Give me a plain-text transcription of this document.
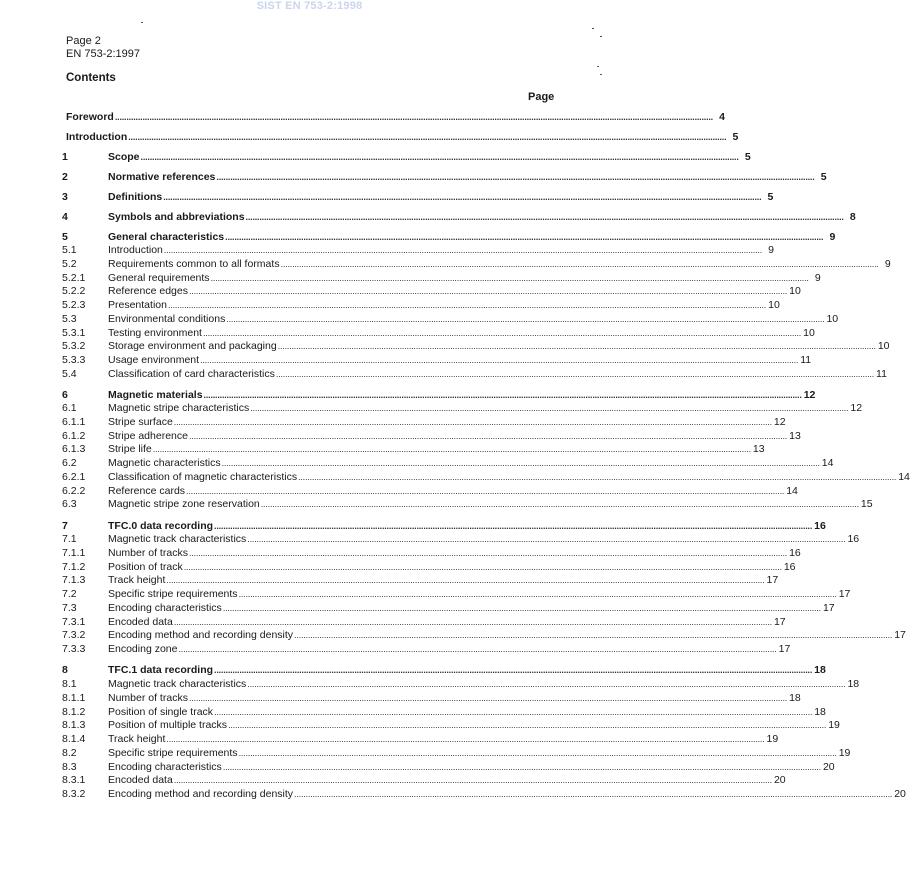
SIST EN 753-2:1998
Page 2
EN 753-2:1997
Contents
Page
Foreword .................................................................................................................................................................................................................................................................... 4
Introduction .................................................................................................................................................................................................................................................................... 5
1	Scope .................................................................................................................................................................................................................................................................... 5
2	Normative references .................................................................................................................................................................................................................................................................... 5
3	Definitions .................................................................................................................................................................................................................................................................... 5
4	Symbols and abbreviations .................................................................................................................................................................................................................................................................... 8
5	General characteristics .................................................................................................................................................................................................................................................................... 9
5.1	Introduction .................................................................................................................................................................................................................................................................... 9
5.2	Requirements common to all formats .................................................................................................................................................................................................................................................................... 9
5.2.1 General requirements .................................................................................................................................................................................................................................................................... 9
5.2.2 Reference edges .................................................................................................................................................................................................................................................................... 10
5.2.3 Presentation .................................................................................................................................................................................................................................................................... 10
5.3	Environmental conditions .................................................................................................................................................................................................................................................................... 10
5.3.1 Testing environment .................................................................................................................................................................................................................................................................... 10
5.3.2 Storage environment and packaging .................................................................................................................................................................................................................................................................... 10
5.3.3 Usage environment .................................................................................................................................................................................................................................................................... 11
5.4	Classification of card characteristics .................................................................................................................................................................................................................................................................... 11
6	Magnetic materials .................................................................................................................................................................................................................................................................... 12
6.1	Magnetic stripe characteristics .................................................................................................................................................................................................................................................................... 12
6.1.1 Stripe surface .................................................................................................................................................................................................................................................................... 12
6.1.2 Stripe adherence .................................................................................................................................................................................................................................................................... 13
6.1.3 Stripe life .................................................................................................................................................................................................................................................................... 13
6.2	Magnetic characteristics .................................................................................................................................................................................................................................................................... 14
6.2.1 Classification of magnetic characteristics .................................................................................................................................................................................................................................................................... 14
6.2.2 Reference cards .................................................................................................................................................................................................................................................................... 14
6.3	Magnetic stripe zone reservation .................................................................................................................................................................................................................................................................... 15
7	TFC.0 data recording .................................................................................................................................................................................................................................................................... 16
7.1	Magnetic track characteristics .................................................................................................................................................................................................................................................................... 16
7.1.1 Number of tracks .................................................................................................................................................................................................................................................................... 16
7.1.2 Position of track .................................................................................................................................................................................................................................................................... 16
7.1.3 Track height .................................................................................................................................................................................................................................................................... 17
7.2	Specific stripe requirements .................................................................................................................................................................................................................................................................... 17
7.3	Encoding characteristics .................................................................................................................................................................................................................................................................... 17
7.3.1 Encoded data .................................................................................................................................................................................................................................................................... 17
7.3.2 Encoding method and recording density .................................................................................................................................................................................................................................................................... 17
7.3.3 Encoding zone .................................................................................................................................................................................................................................................................... 17
8	TFC.1 data recording .................................................................................................................................................................................................................................................................... 18
8.1	Magnetic track characteristics .................................................................................................................................................................................................................................................................... 18
8.1.1 Number of tracks .................................................................................................................................................................................................................................................................... 18
8.1.2 Position of single track .................................................................................................................................................................................................................................................................... 18
8.1.3 Position of multiple tracks .................................................................................................................................................................................................................................................................... 19
8.1.4 Track height .................................................................................................................................................................................................................................................................... 19
8.2	Specific stripe requirements .................................................................................................................................................................................................................................................................... 19
8.3	Encoding characteristics .................................................................................................................................................................................................................................................................... 20
8.3.1 Encoded data .................................................................................................................................................................................................................................................................... 20
8.3.2 Encoding method and recording density .................................................................................................................................................................................................................................................................... 20
